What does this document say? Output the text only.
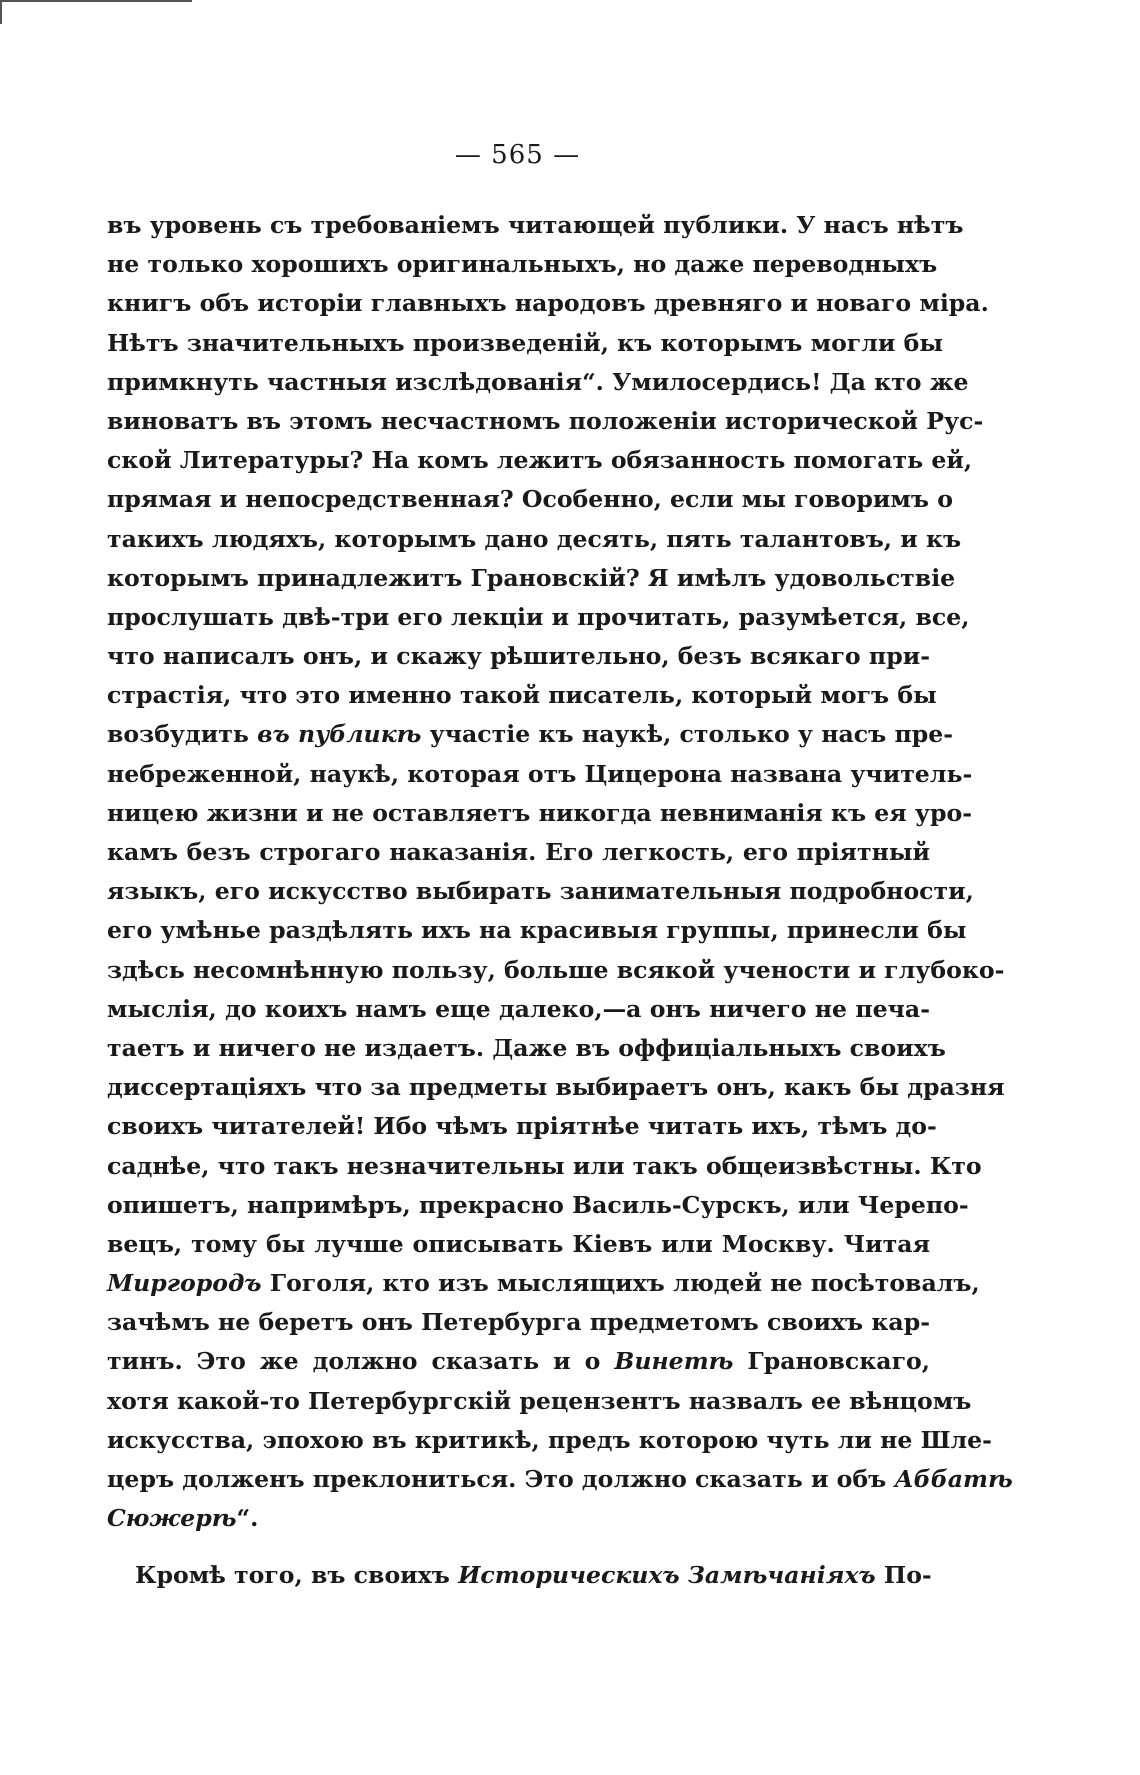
— 565 —
въ уровень съ требованіемъ читающей публики. У насъ нѣтъ
не только хорошихъ оригинальныхъ, но даже переводныхъ
книгъ объ исторіи главныхъ народовъ древняго и новаго міра.
Нѣтъ значительныхъ произведеній, къ которымъ могли бы
примкнуть частныя изслѣдованія“. Умилосердись! Да кто же
виноватъ въ этомъ несчастномъ положеніи исторической Рус-
ской Литературы? На комъ лежитъ обязанность помогать ей,
прямая и непосредственная? Особенно, если мы говоримъ о
такихъ людяхъ, которымъ дано десять, пять талантовъ, и къ
которымъ принадлежитъ Грановскій? Я имѣлъ удовольствіе
прослушать двѣ-три его лекціи и прочитать, разумѣется, все,
что написалъ онъ, и скажу рѣшительно, безъ всякаго при-
страстія, что это именно такой писатель, который могъ бы
возбудить въ публикѣ участіе къ наукѣ, столько у насъ пре-
небреженной, наукѣ, которая отъ Цицерона названа учитель-
ницею жизни и не оставляетъ никогда невниманія къ ея уро-
камъ безъ строгаго наказанія. Его легкость, его пріятный
языкъ, его искусство выбирать занимательныя подробности,
его умѣнье раздѣлять ихъ на красивыя группы, принесли бы
здѣсь несомнѣнную пользу, больше всякой учености и глубоко-
мыслія, до коихъ намъ еще далеко,—а онъ ничего не печа-
таетъ и ничего не издаетъ. Даже въ оффиціальныхъ своихъ
диссертаціяхъ что за предметы выбираетъ онъ, какъ бы дразня
своихъ читателей! Ибо чѣмъ пріятнѣе читать ихъ, тѣмъ до-
саднѣе, что такъ незначительны или такъ общеизвѣстны. Кто
опишетъ, напримѣръ, прекрасно Василь-Сурскъ, или Черепо-
вецъ, тому бы лучше описывать Кіевъ или Москву. Читая
Миргородъ Гоголя, кто изъ мыслящихъ людей не посѣтовалъ,
зачѣмъ не беретъ онъ Петербурга предметомъ своихъ кар-
тинъ. Это же должно сказать и о Винетѣ Грановскаго,
хотя какой-то Петербургскій рецензентъ назвалъ ее вѣнцомъ
искусства, эпохою въ критикѣ, предъ которою чуть ли не Шле-
церъ долженъ преклониться. Это должно сказать и объ Аббатѣ
Сюжерѣ“.
Кромѣ того, въ своихъ Историческихъ Замѣчаніяхъ По-
